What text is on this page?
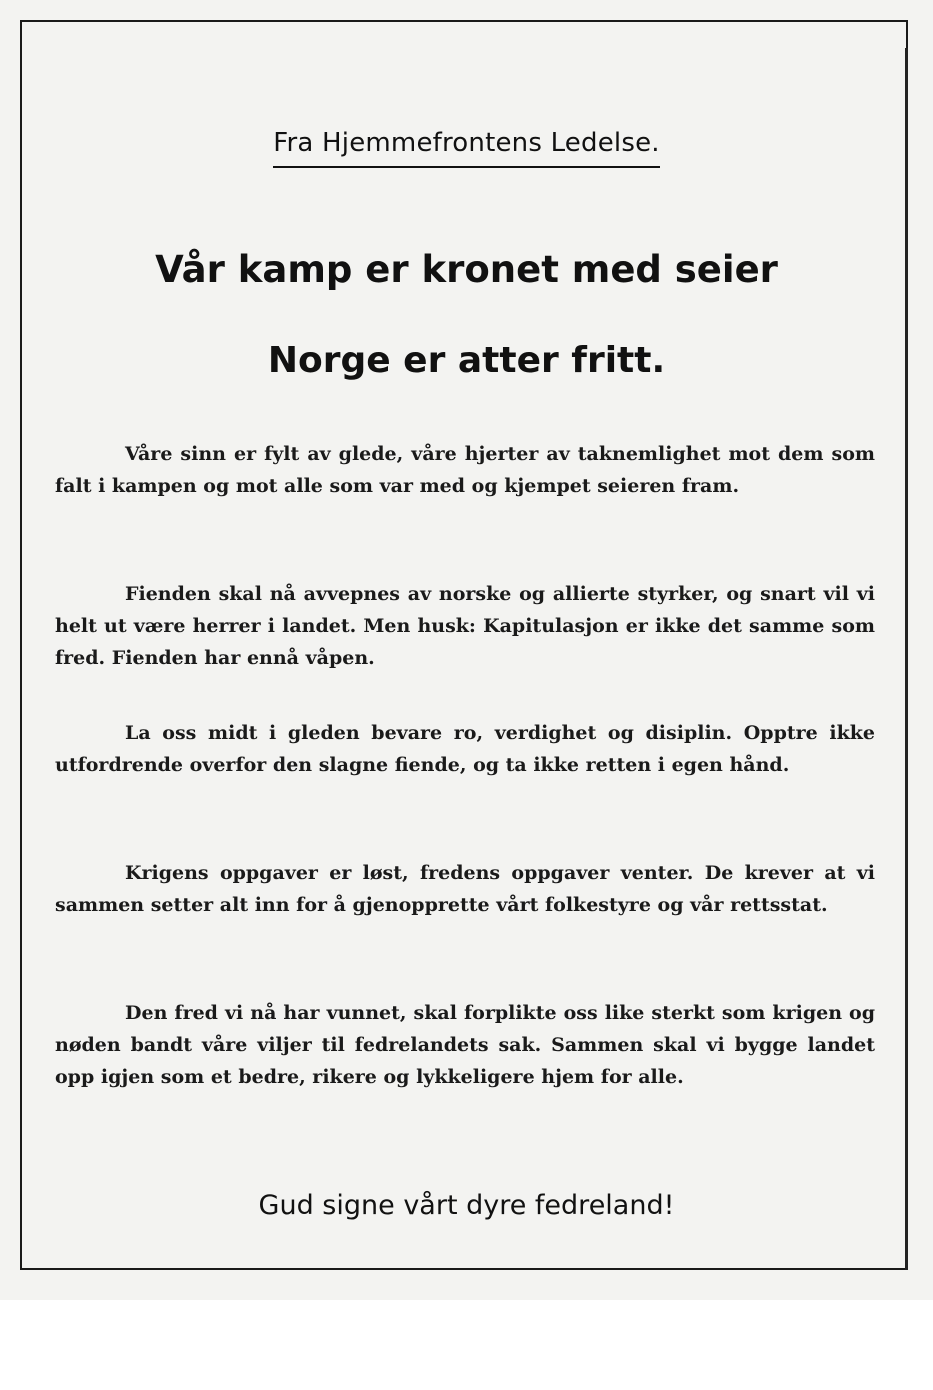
Fra Hjemmefrontens Ledelse.
Vår kamp er kronet med seier
Norge er atter fritt.

Våre sinn er fylt av glede, våre hjerter av taknemlighet mot dem som falt i kampen og mot alle som var med og kjempet seieren fram.

Fienden skal nå avvepnes av norske og allierte styrker, og snart vil vi helt ut være herrer i landet. Men husk: Kapitulasjon er ikke det samme som fred. Fienden har ennå våpen.

La oss midt i gleden bevare ro, verdighet og disiplin. Opptre ikke utfordrende overfor den slagne fiende, og ta ikke retten i egen hånd.

Krigens oppgaver er løst, fredens oppgaver venter. De krever at vi sammen setter alt inn for å gjenopprette vårt folkestyre og vår rettsstat.

Den fred vi nå har vunnet, skal forplikte oss like sterkt som krigen og nøden bandt våre viljer til fedrelandets sak. Sammen skal vi bygge landet opp igjen som et bedre, rikere og lykkeligere hjem for alle.

Gud signe vårt dyre fedreland!
